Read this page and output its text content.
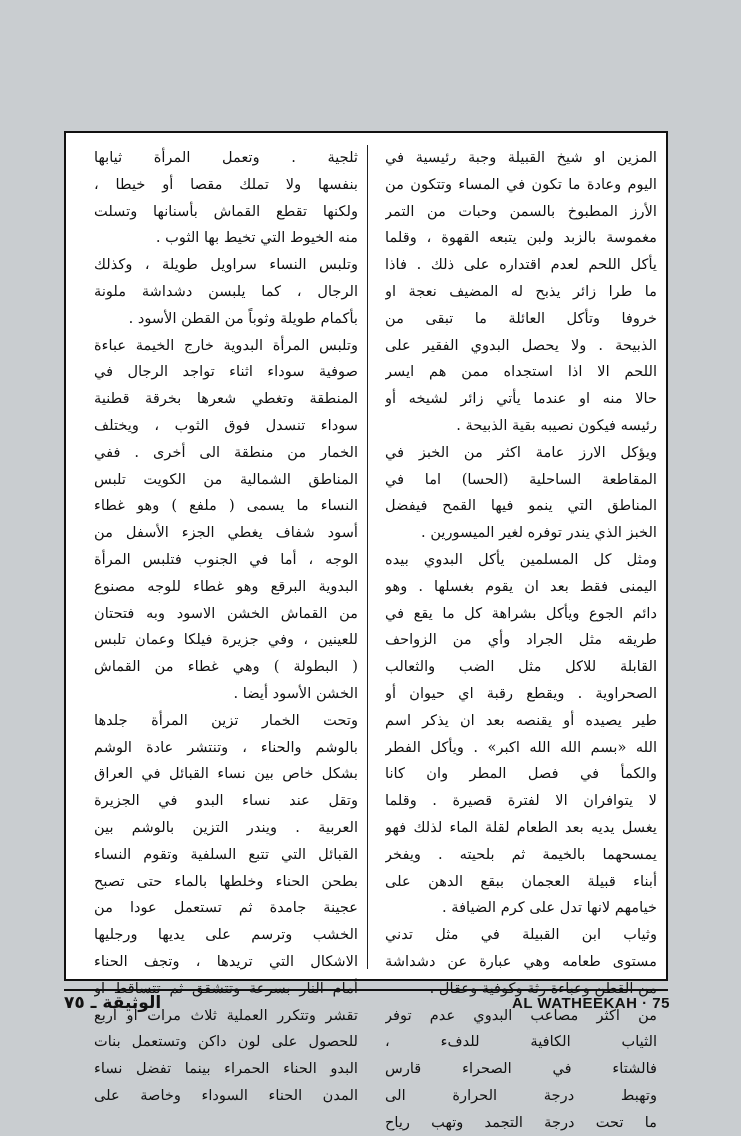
المزين او شيخ القبيلة وجبة رئيسية في
اليوم وعادة ما تكون في المساء وتتكون من
الأرز المطبوخ بالسمن وحبات من التمر
مغموسة بالزبد ولبن يتبعه القهوة ، وقلما
يأكل اللحم لعدم اقتداره على ذلك . فاذا
ما طرا زائر يذبح له المضيف نعجة او
خروفا وتأكل العائلة ما تبقى من
الذبيحة . ولا يحصل البدوي الفقير على
اللحم الا اذا استجداه ممن هم ايسر
حالا منه او عندما يأتي زائر لشيخه أو
رئيسه فيكون نصيبه بقية الذبيحة .
ويؤكل الارز عامة اكثر من الخبز في
المقاطعة الساحلية (الحسا) اما في
المناطق التي ينمو فيها القمح فيفضل
الخبز الذي يندر توفره لغير الميسورين .
ومثل كل المسلمين يأكل البدوي بيده
اليمنى فقط بعد ان يقوم بغسلها . وهو
دائم الجوع ويأكل بشراهة كل ما يقع في
طريقه مثل الجراد وأي من الزواحف
القابلة للاكل مثل الضب والثعالب
الصحراوية . ويقطع رقبة اي حيوان أو
طير يصيده أو يقنصه بعد ان يذكر اسم
الله «بسم الله الله اكبر» . ويأكل الفطر
والكمأ في فصل المطر وان كانا
لا يتوافران الا لفترة قصيرة . وقلما
يغسل يديه بعد الطعام لقلة الماء لذلك فهو
يمسحهما بالخيمة ثم بلحيته . ويفخر
أبناء قبيلة العجمان ببقع الدهن على
خيامهم لانها تدل على كرم الضيافة .
وثياب ابن القبيلة في مثل تدني
مستوى طعامه وهي عبارة عن دشداشة
من اكثر مصاعب البدوي عدم توفر
الثياب الكافية للدفء ،
فالشتاء في الصحراء قارس
وتهبط درجة الحرارة الى
ما تحت درجة التجمد وتهب رياح
ثلجية . وتعمل المرأة ثيابها
بنفسها ولا تملك مقصا أو خيطا ،
ولكنها تقطع القماش بأسنانها وتسلت
منه الخيوط التي تخيط بها الثوب .
وتلبس النساء سراويل طويلة ، وكذلك
الرجال ، كما يلبسن دشداشة ملونة
بأكمام طويلة وثوباً من القطن الأسود .
وتلبس المرأة البدوية خارج الخيمة عباءة
صوفية سوداء اثناء تواجد الرجال في
المنطقة وتغطي شعرها بخرقة قطنية
سوداء تنسدل فوق الثوب ، ويختلف
الخمار من منطقة الى أخرى . ففي
المناطق الشمالية من الكويت تلبس
النساء ما يسمى ( ملفع ) وهو غطاء
أسود شفاف يغطي الجزء الأسفل من
الوجه ، أما في الجنوب فتلبس المرأة
البدوية البرقع وهو غطاء للوجه مصنوع
من القماش الخشن الاسود وبه فتحتان
للعينين ، وفي جزيرة فيلكا وعمان تلبس
( البطولة ) وهي غطاء من القماش
الخشن الأسود أيضا .
وتحت الخمار تزين المرأة جلدها
بالوشم والحناء ، وتنتشر عادة الوشم
بشكل خاص بين نساء القبائل في العراق
وتقل عند نساء البدو في الجزيرة
العربية . ويندر التزين بالوشم بين
القبائل التي تتبع السلفية وتقوم النساء
بطحن الحناء وخلطها بالماء حتى تصبح
عجينة جامدة ثم تستعمل عودا من
الخشب وترسم على يديها ورجليها
الاشكال التي تريدها ، وتجف الحناء
تقشر وتتكرر العملية ثلاث مرات أو أربع
للحصول على لون داكن وتستعمل بنات
البدو الحناء الحمراء بينما تفضل نساء
المدن الحناء السوداء وخاصة على
AL WATHEEKAH · 75
الوثيقة ـ ٧٥
